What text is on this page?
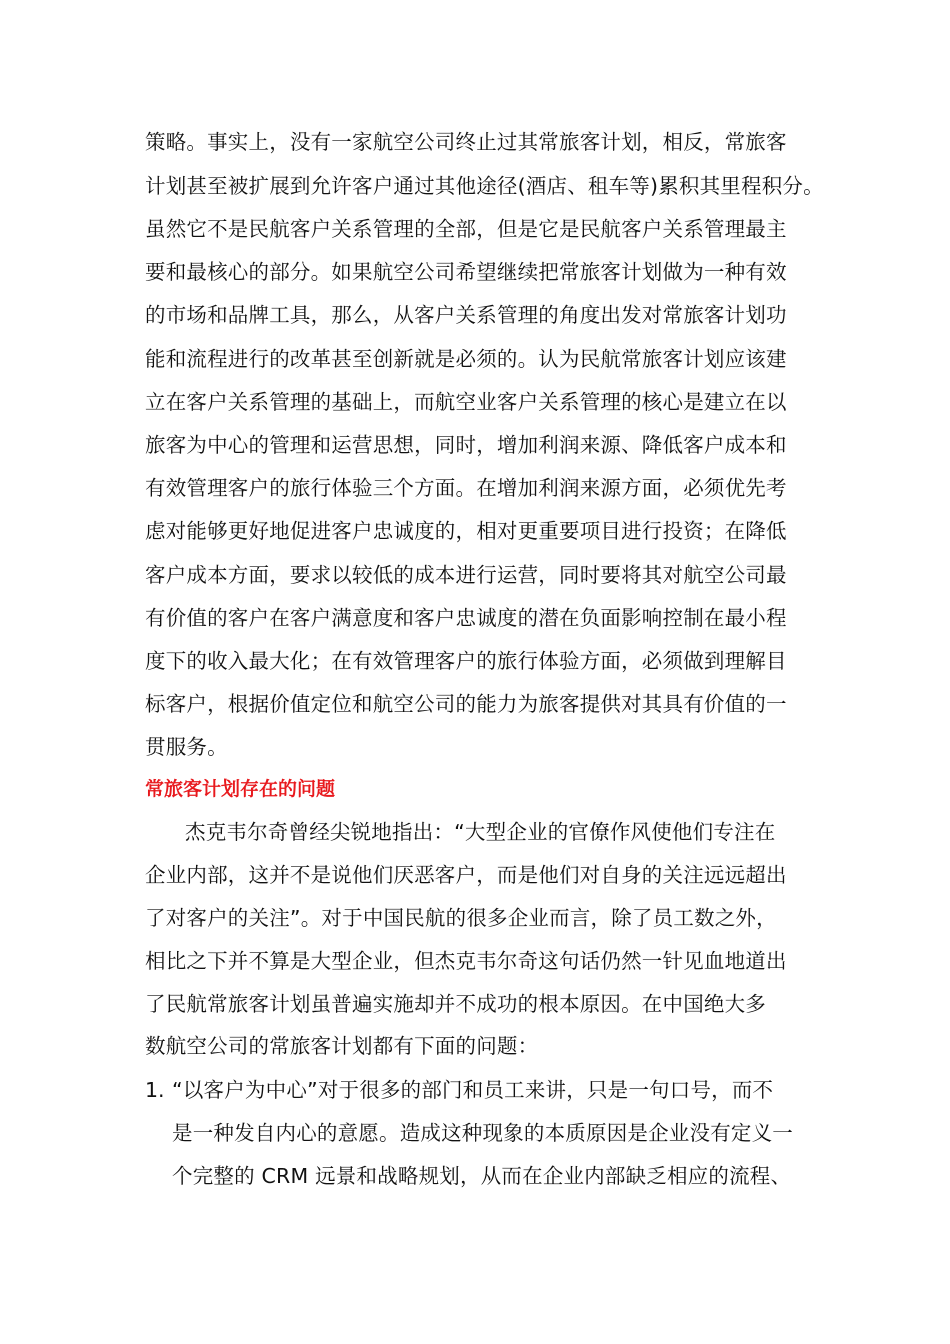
策略。事实上，没有一家航空公司终止过其常旅客计划，相反，常旅客
计划甚至被扩展到允许客户通过其他途径(酒店、租车等)累积其里程积分。
虽然它不是民航客户关系管理的全部，但是它是民航客户关系管理最主
要和最核心的部分。如果航空公司希望继续把常旅客计划做为一种有效
的市场和品牌工具，那么，从客户关系管理的角度出发对常旅客计划功
能和流程进行的改革甚至创新就是必须的。认为民航常旅客计划应该建
立在客户关系管理的基础上，而航空业客户关系管理的核心是建立在以
旅客为中心的管理和运营思想，同时，增加利润来源、降低客户成本和
有效管理客户的旅行体验三个方面。在增加利润来源方面，必须优先考
虑对能够更好地促进客户忠诚度的，相对更重要项目进行投资；在降低
客户成本方面，要求以较低的成本进行运营，同时要将其对航空公司最
有价值的客户在客户满意度和客户忠诚度的潜在负面影响控制在最小程
度下的收入最大化；在有效管理客户的旅行体验方面，必须做到理解目
标客户，根据价值定位和航空公司的能力为旅客提供对其具有价值的一
贯服务。
常旅客计划存在的问题
杰克韦尔奇曾经尖锐地指出：“大型企业的官僚作风使他们专注在
企业内部，这并不是说他们厌恶客户，而是他们对自身的关注远远超出
了对客户的关注”。对于中国民航的很多企业而言，除了员工数之外，
相比之下并不算是大型企业，但杰克韦尔奇这句话仍然一针见血地道出
了民航常旅客计划虽普遍实施却并不成功的根本原因。在中国绝大多
数航空公司的常旅客计划都有下面的问题：
1. “以客户为中心”对于很多的部门和员工来讲，只是一句口号，而不
是一种发自内心的意愿。造成这种现象的本质原因是企业没有定义一
个完整的 CRM 远景和战略规划，从而在企业内部缺乏相应的流程、
